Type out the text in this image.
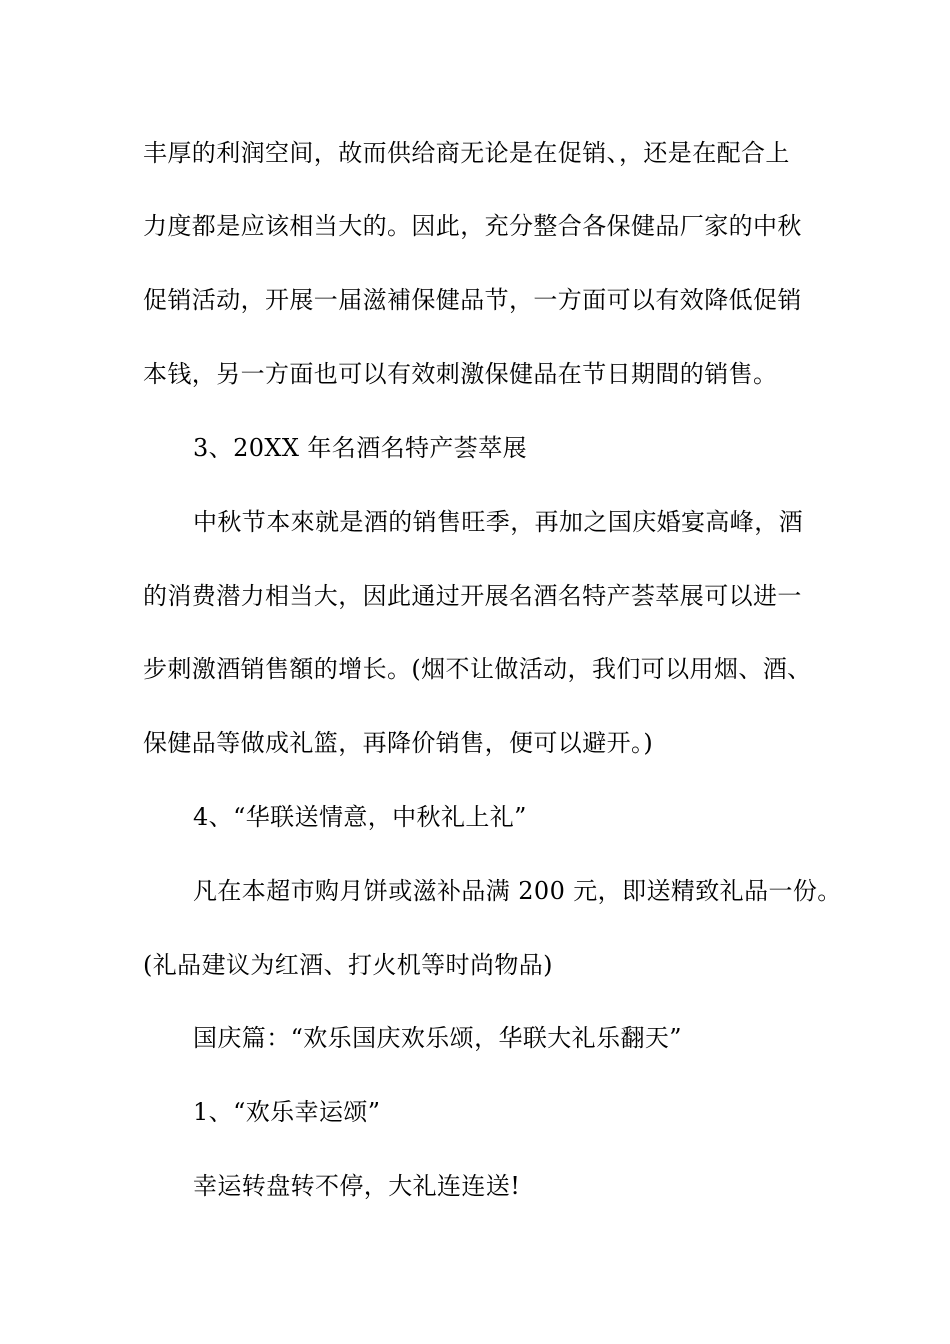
丰厚的利润空间，故而供给商无论是在促销、，还是在配合上
力度都是应该相当大的。因此，充分整合各保健品厂家的中秋
促销活动，开展一届滋補保健品节，一方面可以有效降低促销
本钱，另一方面也可以有效刺激保健品在节日期間的销售。
3、20XX 年名酒名特产荟萃展
中秋节本來就是酒的销售旺季，再加之国庆婚宴高峰，酒
的消费潜力相当大，因此通过开展名酒名特产荟萃展可以进一
步刺激酒销售額的增长。(烟不让做活动，我们可以用烟、酒、
保健品等做成礼篮，再降价销售，便可以避开。)
4、“华联送情意，中秋礼上礼”
凡在本超市购月饼或滋补品满 200 元，即送精致礼品一份。
(礼品建议为红酒、打火机等时尚物品)
国庆篇：“欢乐国庆欢乐颂，华联大礼乐翻天”
1、“欢乐幸运颂”
幸运转盘转不停，大礼连连送!
